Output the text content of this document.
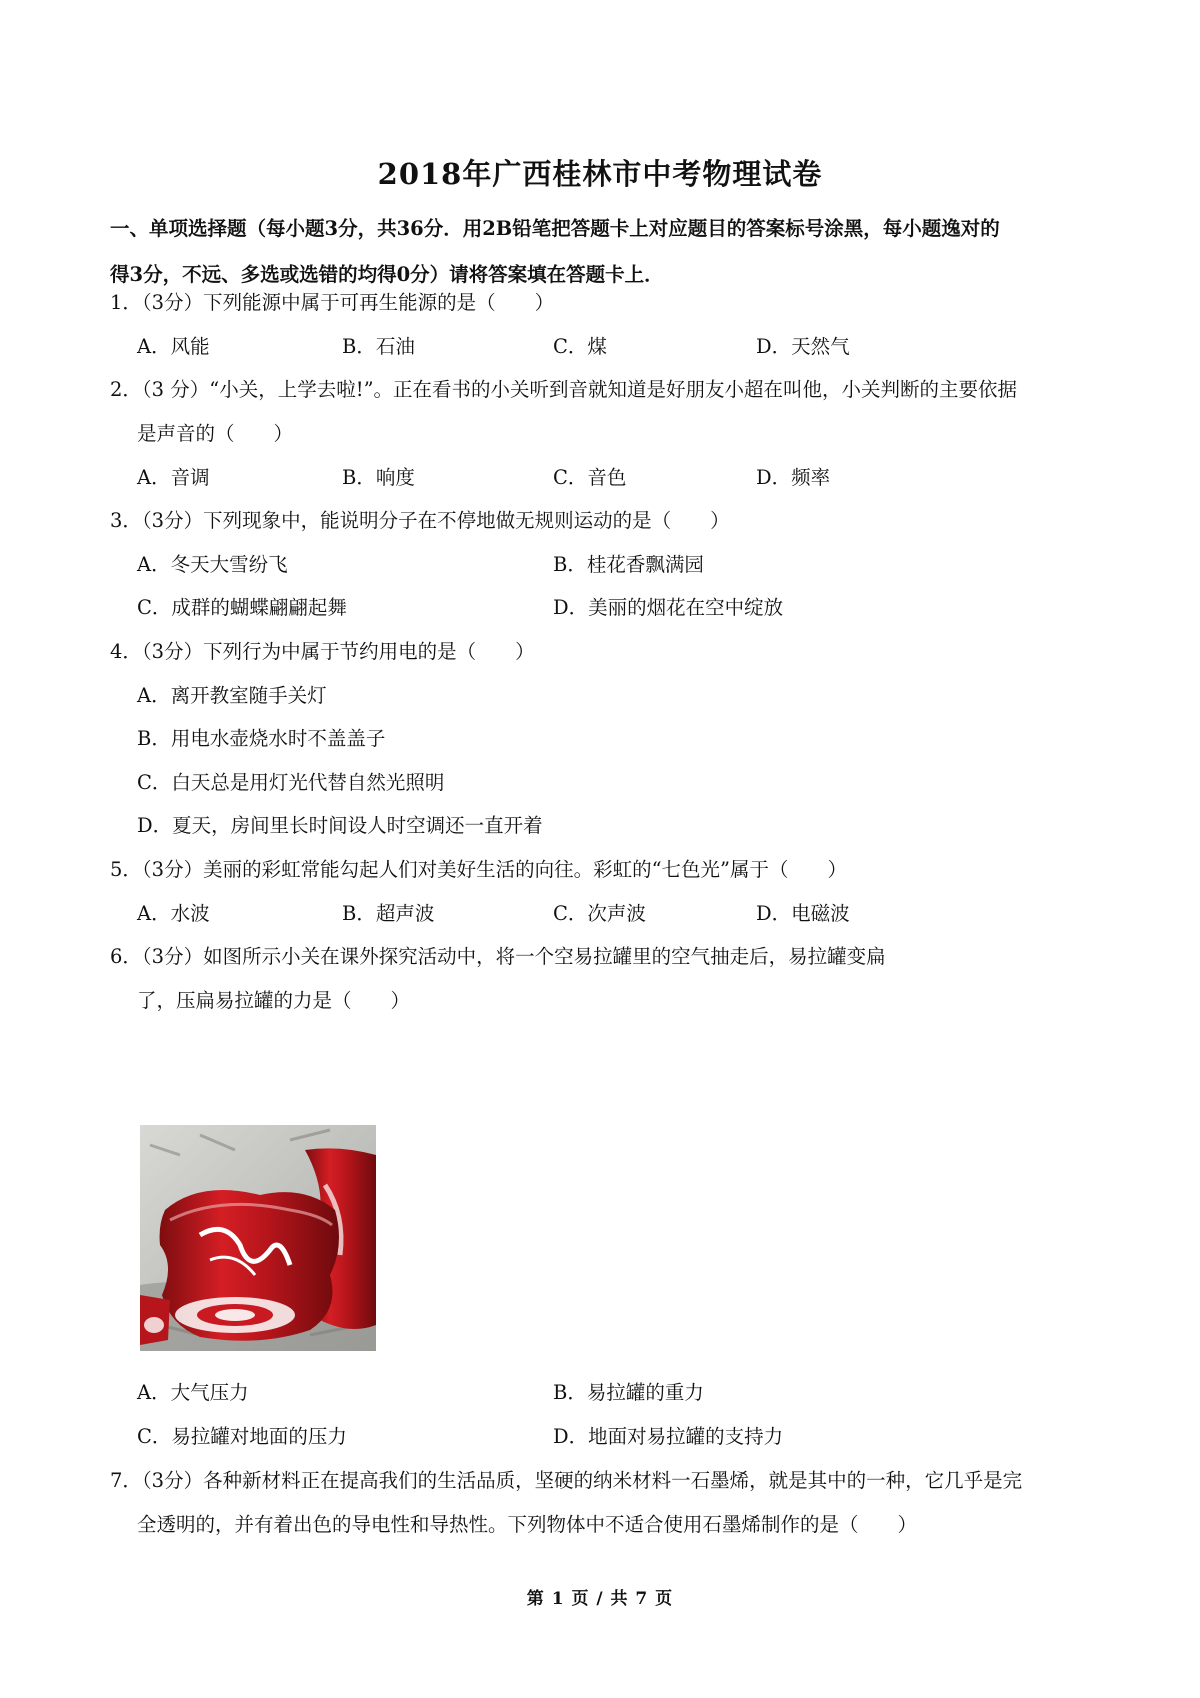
2018年广西桂林市中考物理试卷
一、单项选择题（每小题3分，共36分．用2B铅笔把答题卡上对应题目的答案标号涂黑，每小题逸对的
得3分，不远、多选或选错的均得0分）请将答案填在答题卡上．
1．（3分）下列能源中属于可再生能源的是（　　）
A．风能	B．石油	C．煤	D．天然气
2．（3 分）“小关，上学去啦!”。正在看书的小关听到音就知道是好朋友小超在叫他，小关判断的主要依据
是声音的（　　）
A．音调	B．响度	C．音色	D．频率
3．（3分）下列现象中，能说明分子在不停地做无规则运动的是（　　）
A．冬天大雪纷飞	B．桂花香飘满园
C．成群的蝴蝶翩翩起舞	D．美丽的烟花在空中绽放
4．（3分）下列行为中属于节约用电的是（　　）
A．离开教室随手关灯
B．用电水壶烧水时不盖盖子
C．白天总是用灯光代替自然光照明
D．夏天，房间里长时间设人时空调还一直开着
5．（3分）美丽的彩虹常能勾起人们对美好生活的向往。彩虹的“七色光”属于（　　）
A．水波	B．超声波	C．次声波	D．电磁波
6．（3分）如图所示小关在课外探究活动中，将一个空易拉罐里的空气抽走后，易拉罐变扁
了，压扁易拉罐的力是（　　）
A．大气压力	B．易拉罐的重力
C．易拉罐对地面的压力	D．地面对易拉罐的支持力
7．（3分）各种新材料正在提高我们的生活品质，坚硬的纳米材料一石墨烯，就是其中的一种，它几乎是完
全透明的，并有着出色的导电性和导热性。下列物体中不适合使用石墨烯制作的是（　　）
第 1 页 / 共 7 页
